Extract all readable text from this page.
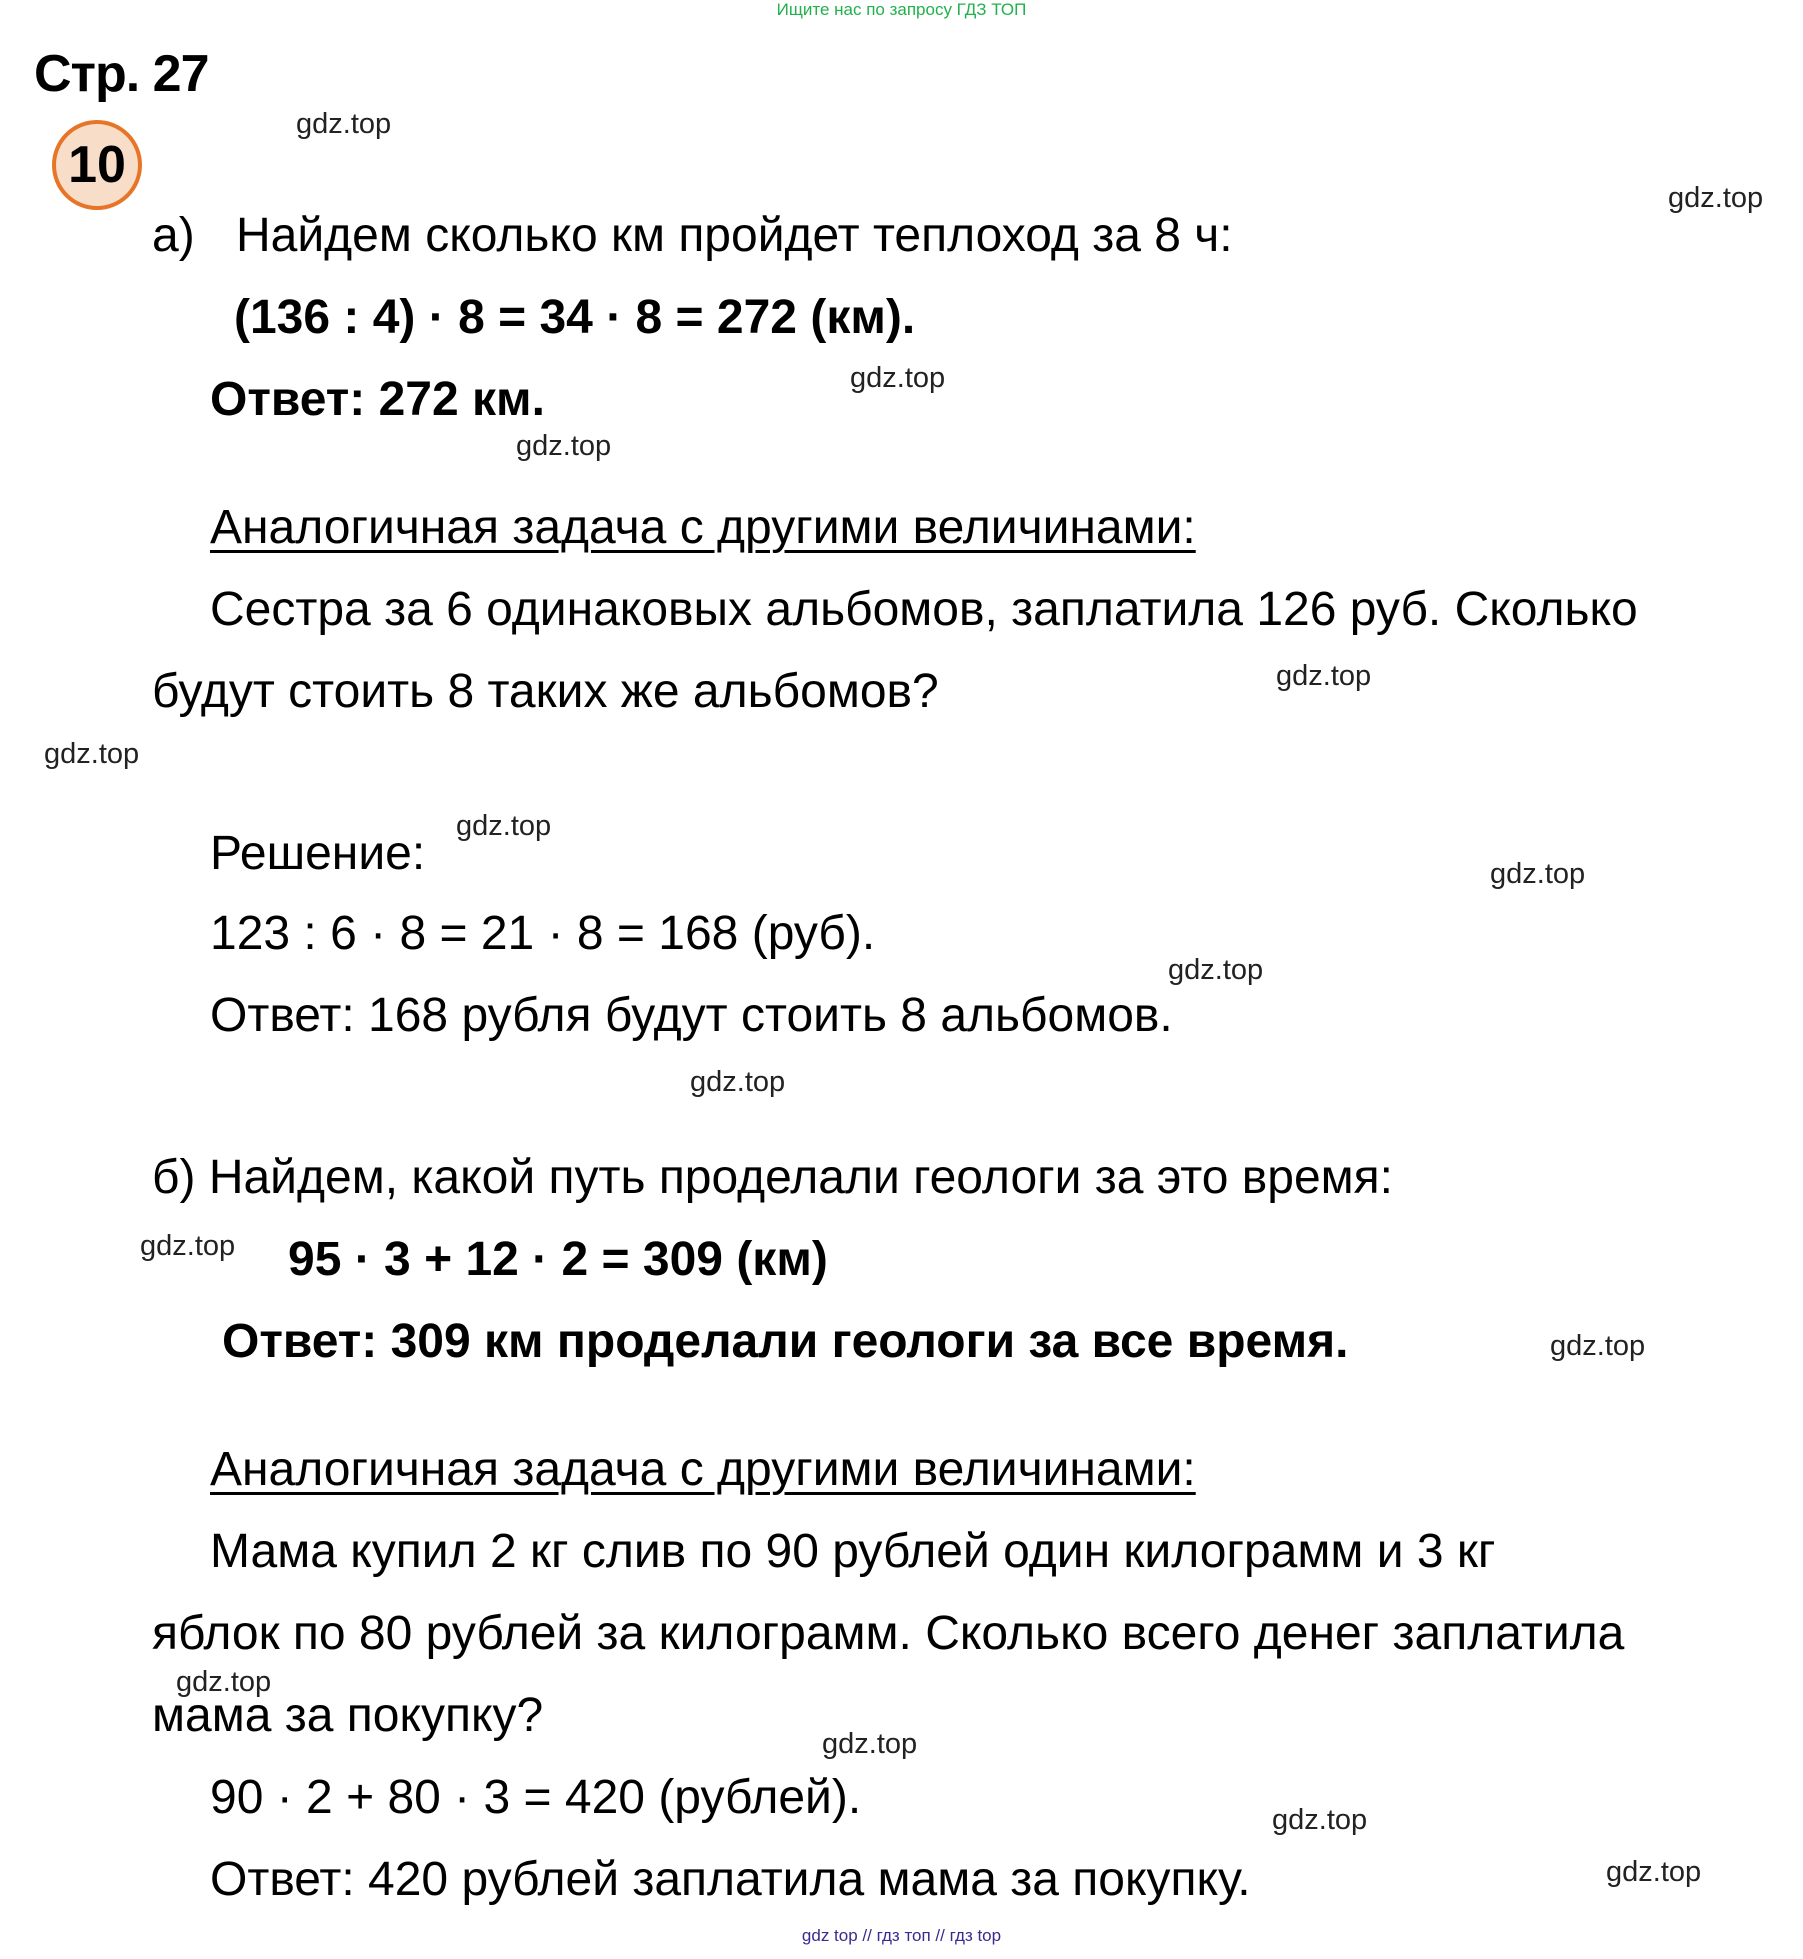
Ищите нас по запросу ГДЗ ТОП
Стр. 27
10
а) Найдем сколько км пройдет теплоход за 8 ч:
(136 : 4) · 8 = 34 · 8 = 272 (км).
Ответ: 272 км.
Аналогичная задача с другими величинами:
Сестра за 6 одинаковых альбомов, заплатила 126 руб. Сколько
будут стоить 8 таких же альбомов?
Решение:
123 : 6 · 8 = 21 · 8 = 168 (руб).
Ответ: 168 рубля будут стоить 8 альбомов.
б) Найдем, какой путь проделали геологи за это время:
95 · 3 + 12 · 2 = 309 (км)
Ответ: 309 км проделали геологи за все время.
Аналогичная задача с другими величинами:
Мама купил 2 кг слив по 90 рублей один килограмм и 3 кг
яблок по 80 рублей за килограмм. Сколько всего денег заплатила
мама за покупку?
90 · 2 + 80 · 3 = 420 (рублей).
Ответ: 420 рублей заплатила мама за покупку.
gdz.top
gdz.top
gdz.top
gdz.top
gdz.top
gdz.top
gdz.top
gdz.top
gdz.top
gdz.top
gdz.top
gdz.top
gdz.top
gdz.top
gdz.top
gdz.top
gdz top // гдз топ // гдз top
